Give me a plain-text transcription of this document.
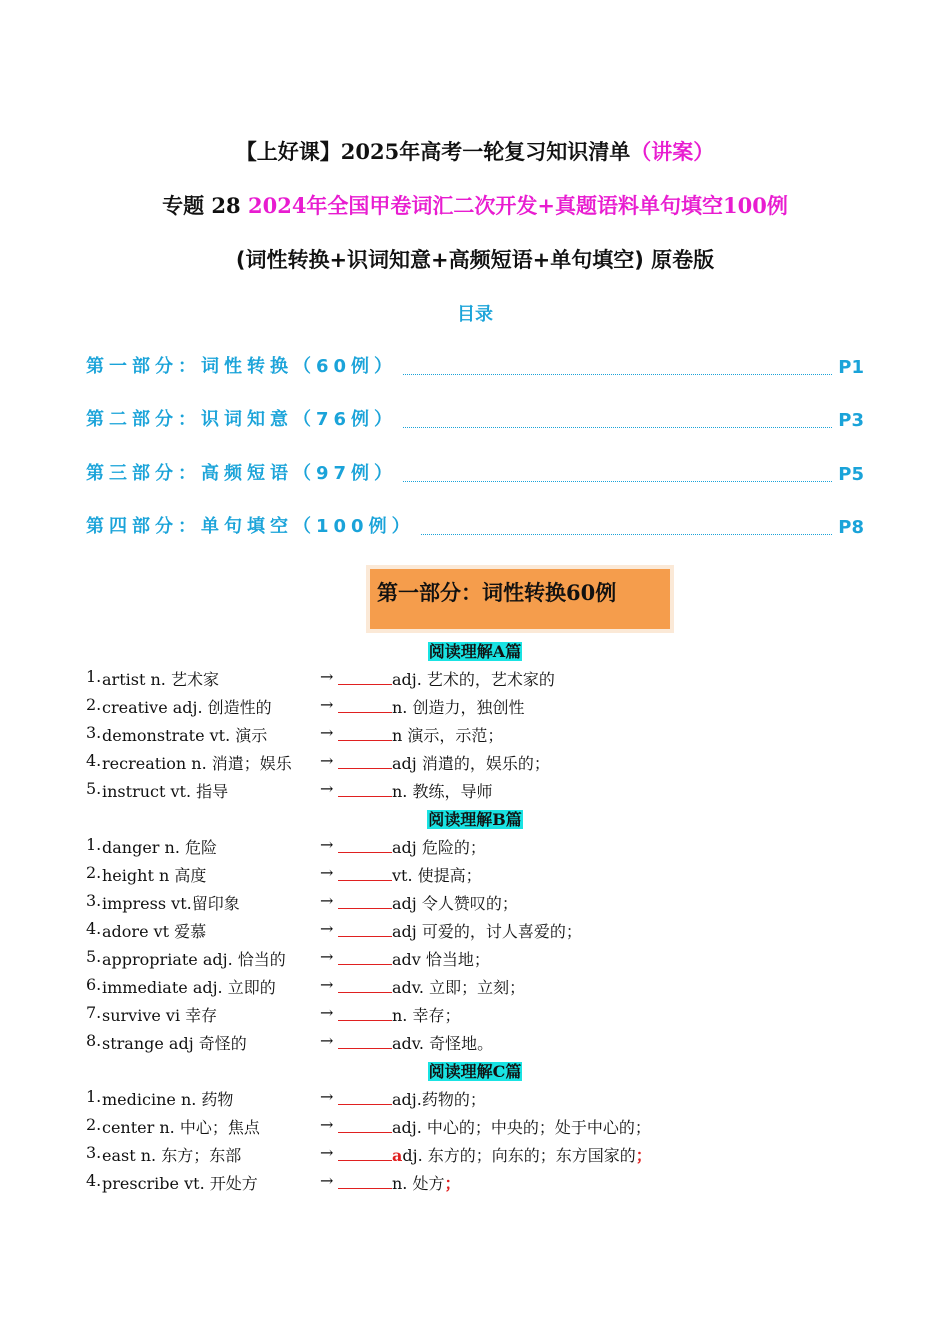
【上好课】2025年高考一轮复习知识清单（讲案）
专题 28 2024年全国甲卷词汇二次开发+真题语料单句填空100例
(词性转换+识词知意+高频短语+单句填空) 原卷版
目录
第一部分：词性转换（60例）	P1
第二部分：识词知意（76例）	P3
第三部分：高频短语（97例）	P5
第四部分：单句填空（100例）	P8
第一部分：词性转换60例
阅读理解A篇
1. artist n. 艺术家	→	adj. 艺术的，艺术家的
2. creative adj. 创造性的	→	n. 创造力，独创性
3. demonstrate vt. 演示	→	n 演示，示范；
4. recreation n. 消遣；娱乐 →	adj 消遣的，娱乐的；
5. instruct vt. 指导	→	n. 教练，导师
阅读理解B篇
1. danger n. 危险	→	adj 危险的；
2. height n 高度	→	vt. 使提高；
3. impress vt.留印象	→	adj 令人赞叹的；
4. adore vt 爱慕	→	adj 可爱的，讨人喜爱的；
5. appropriate adj. 恰当的 →	adv 恰当地；
6. immediate adj. 立即的	→	adv. 立即；立刻；
7. survive vi 幸存	→	n. 幸存；
8. strange adj 奇怪的	→	adv. 奇怪地。
阅读理解C篇
1. medicine n. 药物	→	adj.药物的；
2. center n. 中心；焦点	→	adj. 中心的；中央的；处于中心的；
3. east n. 东方；东部	→	adj. 东方的；向东的；东方国家的；
4. prescribe vt. 开处方	→	n. 处方；
